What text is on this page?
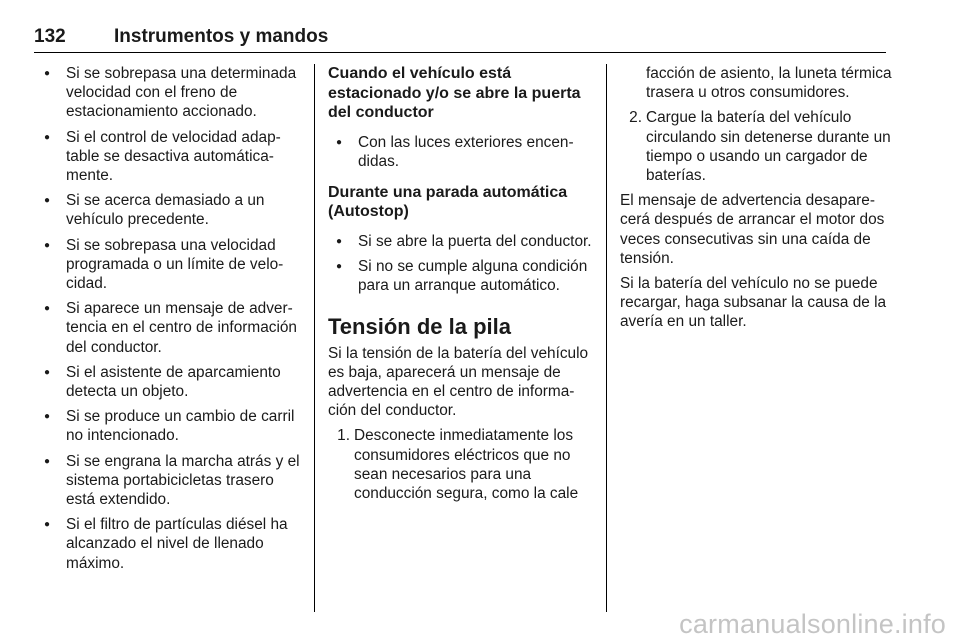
132	Instrumentos y mandos
● Si se sobrepasa una determinada velocidad con el freno de estacionamiento accionado.
● Si el control de velocidad adaptable se desactiva automáticamente.
● Si se acerca demasiado a un vehículo precedente.
● Si se sobrepasa una velocidad programada o un límite de velocidad.
● Si aparece un mensaje de advertencia en el centro de información del conductor.
● Si el asistente de aparcamiento detecta un objeto.
● Si se produce un cambio de carril no intencionado.
● Si se engrana la marcha atrás y el sistema portabicicletas trasero está extendido.
● Si el filtro de partículas diésel ha alcanzado el nivel de llenado máximo.
Cuando el vehículo está estacionado y/o se abre la puerta del conductor
● Con las luces exteriores encendidas.
Durante una parada automática (Autostop)
● Si se abre la puerta del conductor.
● Si no se cumple alguna condición para un arranque automático.
Tensión de la pila

Si la tensión de la batería del vehículo es baja, aparecerá un mensaje de advertencia en el centro de información del conductor.

1. Desconecte inmediatamente los consumidores eléctricos que no sean necesarios para una conducción segura, como la cale
facción de asiento, la luneta térmica trasera u otros consumidores.
2. Cargue la batería del vehículo circulando sin detenerse durante un tiempo o usando un cargador de baterías.

El mensaje de advertencia desaparecerá después de arrancar el motor dos veces consecutivas sin una caída de tensión.

Si la batería del vehículo no se puede recargar, haga subsanar la causa de la avería en un taller.

carmanualsonline.info
